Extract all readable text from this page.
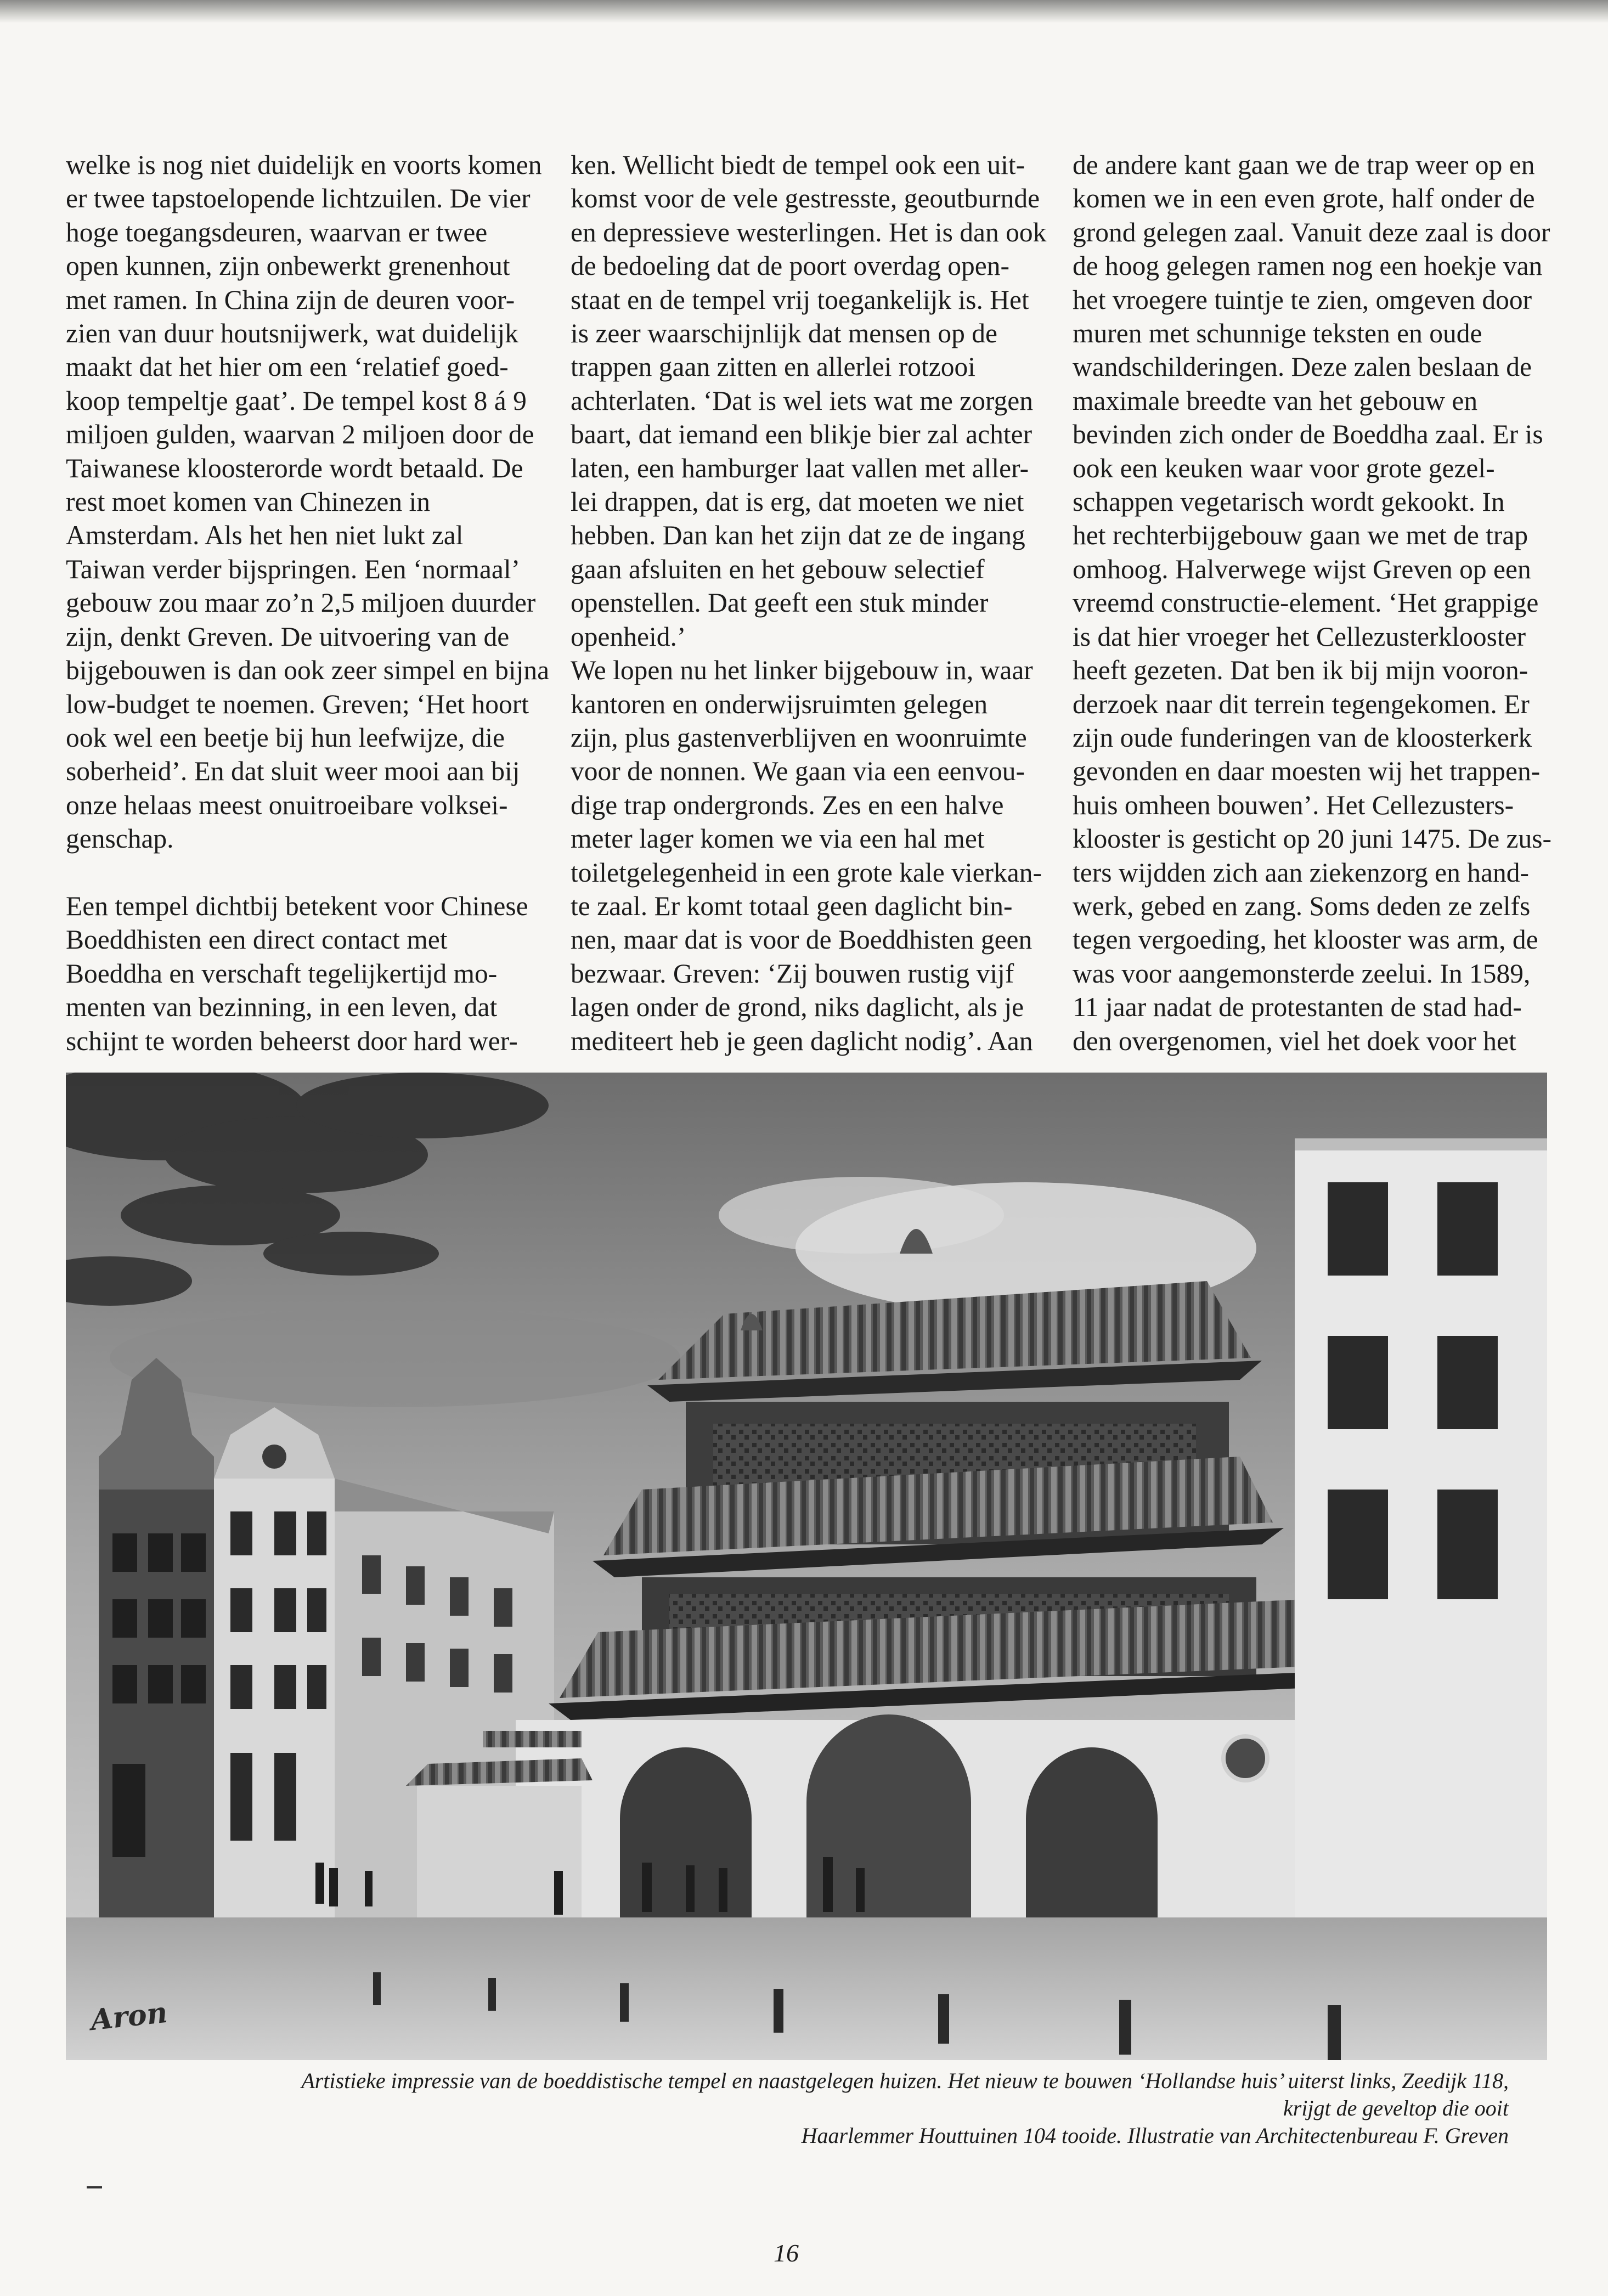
welke is nog niet duidelijk en voorts komen
er twee tapstoelopende lichtzuilen. De vier
hoge toegangsdeuren, waarvan er twee
open kunnen, zijn onbewerkt grenenhout
met ramen. In China zijn de deuren voor-
zien van duur houtsnijwerk, wat duidelijk
maakt dat het hier om een ‘relatief goed-
koop tempeltje gaat’. De tempel kost 8 á 9
miljoen gulden, waarvan 2 miljoen door de
Taiwanese kloosterorde wordt betaald. De
rest moet komen van Chinezen in
Amsterdam. Als het hen niet lukt zal
Taiwan verder bijspringen. Een ‘normaal’
gebouw zou maar zo’n 2,5 miljoen duurder
zijn, denkt Greven. De uitvoering van de
bijgebouwen is dan ook zeer simpel en bijna
low-budget te noemen. Greven; ‘Het hoort
ook wel een beetje bij hun leefwijze, die
soberheid’. En dat sluit weer mooi aan bij
onze helaas meest onuitroeibare volksei-
genschap.

Een tempel dichtbij betekent voor Chinese
Boeddhisten een direct contact met
Boeddha en verschaft tegelijkertijd mo-
menten van bezinning, in een leven, dat
schijnt te worden beheerst door hard wer-
ken. Wellicht biedt de tempel ook een uit-
komst voor de vele gestresste, geoutburnde
en depressieve westerlingen. Het is dan ook
de bedoeling dat de poort overdag open-
staat en de tempel vrij toegankelijk is. Het
is zeer waarschijnlijk dat mensen op de
trappen gaan zitten en allerlei rotzooi
achterlaten. ‘Dat is wel iets wat me zorgen
baart, dat iemand een blikje bier zal achter
laten, een hamburger laat vallen met aller-
lei drappen, dat is erg, dat moeten we niet
hebben. Dan kan het zijn dat ze de ingang
gaan afsluiten en het gebouw selectief
openstellen. Dat geeft een stuk minder
openheid.’
We lopen nu het linker bijgebouw in, waar
kantoren en onderwijsruimten gelegen
zijn, plus gastenverblijven en woonruimte
voor de nonnen. We gaan via een eenvou-
dige trap ondergronds. Zes en een halve
meter lager komen we via een hal met
toiletgelegenheid in een grote kale vierkan-
te zaal. Er komt totaal geen daglicht bin-
nen, maar dat is voor de Boeddhisten geen
bezwaar. Greven: ‘Zij bouwen rustig vijf
lagen onder de grond, niks daglicht, als je
mediteert heb je geen daglicht nodig’. Aan
de andere kant gaan we de trap weer op en
komen we in een even grote, half onder de
grond gelegen zaal. Vanuit deze zaal is door
de hoog gelegen ramen nog een hoekje van
het vroegere tuintje te zien, omgeven door
muren met schunnige teksten en oude
wandschilderingen. Deze zalen beslaan de
maximale breedte van het gebouw en
bevinden zich onder de Boeddha zaal. Er is
ook een keuken waar voor grote gezel-
schappen vegetarisch wordt gekookt. In
het rechterbijgebouw gaan we met de trap
omhoog. Halverwege wijst Greven op een
vreemd constructie-element. ‘Het grappige
is dat hier vroeger het Cellezusterklooster
heeft gezeten. Dat ben ik bij mijn vooron-
derzoek naar dit terrein tegengekomen. Er
zijn oude funderingen van de kloosterkerk
gevonden en daar moesten wij het trappen-
huis omheen bouwen’. Het Cellezusters-
klooster is gesticht op 20 juni 1475. De zus-
ters wijdden zich aan ziekenzorg en hand-
werk, gebed en zang. Soms deden ze zelfs
tegen vergoeding, het klooster was arm, de
was voor aangemonsterde zeelui. In 1589,
11 jaar nadat de protestanten de stad had-
den overgenomen, viel het doek voor het
Aron
Artistieke impressie van de boeddistische tempel en naastgelegen huizen. Het nieuw te bouwen ‘Hollandse huis’ uiterst links, Zeedijk 118, krijgt de geveltop die ooit
Haarlemmer Houttuinen 104 tooide. Illustratie van Architectenbureau F. Greven
16
